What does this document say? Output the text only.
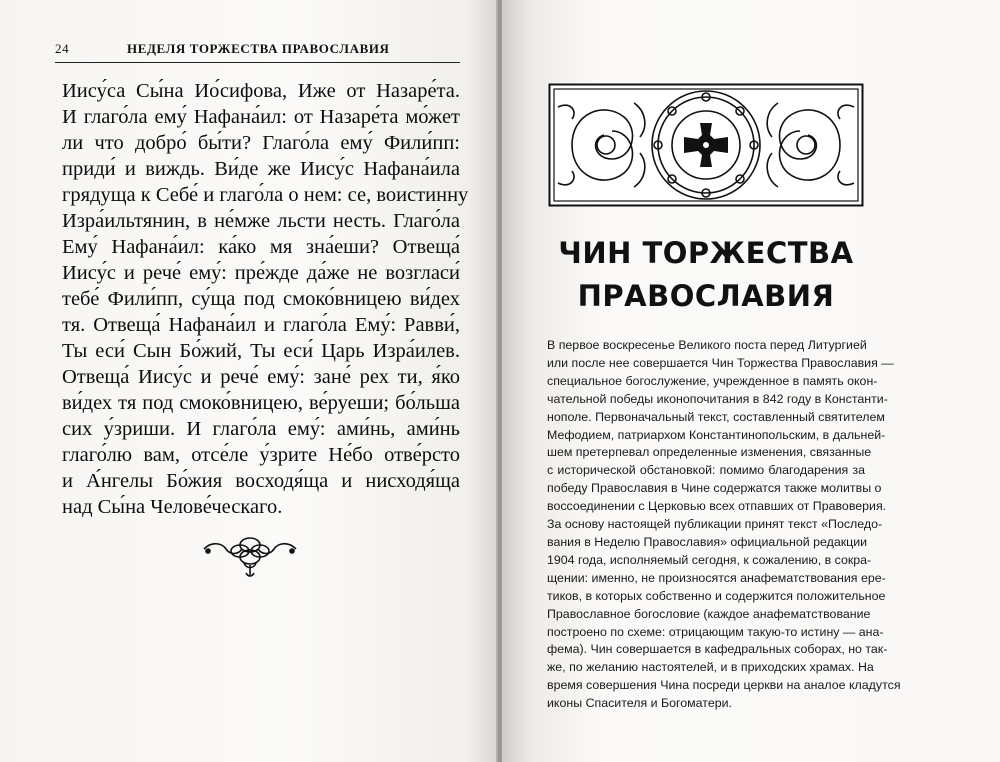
24	НЕДЕЛЯ ТОРЖЕСТВА ПРАВОСЛАВИЯ

Иису́са Сы́на Ио́сифова, Иже от Назаре́та.
И глаго́ла ему́ Нафана́ил: от Назаре́та мо́жет
ли что добро́ бы́ти? Глаго́ла ему́ Фили́пп:
приди́ и виждь. Ви́де же Иису́с Нафана́ила
грядуща к Себе́ и глаго́ла о нем: се, воистинну
Изра́ильтянин, в не́мже льсти несть. Глаго́ла
Ему́ Нафана́ил: ка́ко мя зна́еши? Отвеща́
Иису́с и рече́ ему́: пре́жде да́же не возгласи́
тебе́ Фили́пп, су́ща под смоко́вницею ви́дех
тя. Отвеща́ Нафана́ил и глаго́ла Ему́: Равви́,
Ты еси́ Сын Бо́жий, Ты еси́ Царь Изра́илев.
Отвеща́ Иису́с и рече́ ему́: зане́ рех ти, я́ко
ви́дех тя под смоко́вницею, ве́руеши; бо́льша
сих у́зриши. И глаго́ла ему́: ами́нь, ами́нь
глаго́лю вам, отсе́ле у́зрите Не́бо отве́рсто
и А́нгелы Бо́жия восходя́ща и нисходя́ща
над Сы́на Челове́ческаго.

ЧИН ТОРЖЕСТВА
ПРАВОСЛАВИЯ

В первое воскресенье Великого поста перед Литургией
или после нее совершается Чин Торжества Православия —
специальное богослужение, учрежденное в память окон-
чательной победы иконопочитания в 842 году в Константи-
нополе. Первоначальный текст, составленный святителем
Мефодием, патриархом Константинопольским, в дальней-
шем претерпевал определенные изменения, связанные
с исторической обстановкой: помимо благодарения за
победу Православия в Чине содержатся также молитвы о
воссоединении с Церковью всех отпавших от Правоверия.
За основу настоящей публикации принят текст «Последо-
вания в Неделю Православия» официальной редакции
1904 года, исполняемый сегодня, к сожалению, в сокра-
щении: именно, не произносятся анафематствования ере-
тиков, в которых собственно и содержится положительное
Православное богословие (каждое анафематствование
построено по схеме: отрицающим такую-то истину — ана-
фема). Чин совершается в кафедральных соборах, но так-
же, по желанию настоятелей, и в приходских храмах. На
время совершения Чина посреди церкви на аналое кладутся
иконы Спасителя и Богоматери.
